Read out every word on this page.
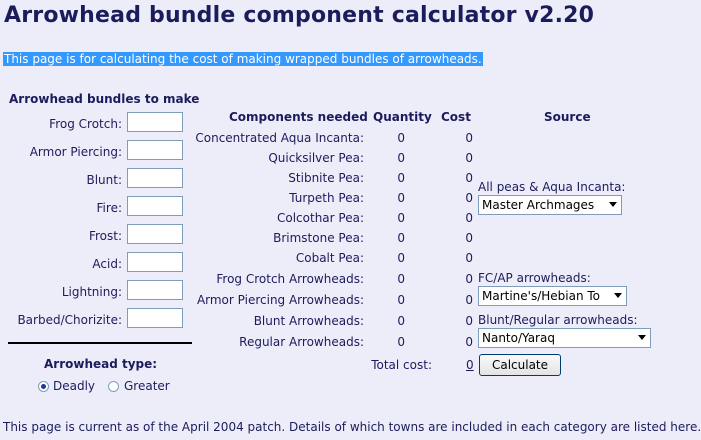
Arrowhead bundle component calculator v2.20
This page is for calculating the cost of making wrapped bundles of arrowheads.
Arrowhead bundles to make
Frog Crotch:
Armor Piercing:
Blunt:
Fire:
Frost:
Acid:
Lightning:
Barbed/Chorizite:
Arrowhead type:
Deadly Greater
Components needed Quantity Cost	Source
Concentrated Aqua Incanta:	0	0
Quicksilver Pea:	0	0
Stibnite Pea:	0	0
Turpeth Pea:	0	0
Colcothar Pea:	0	0
Brimstone Pea:	0	0
Cobalt Pea:	0	0
Frog Crotch Arrowheads:	0	0
Armor Piercing Arrowheads:	0	0
Blunt Arrowheads:	0	0
Regular Arrowheads:	0	0
Total cost:	0
All peas & Aqua Incanta:
Master Archmages
FC/AP arrowheads:
Martine's/Hebian To
Blunt/Regular arrowheads:
Nanto/Yaraq
Calculate
This page is current as of the April 2004 patch. Details of which towns are included in each category are listed here.
